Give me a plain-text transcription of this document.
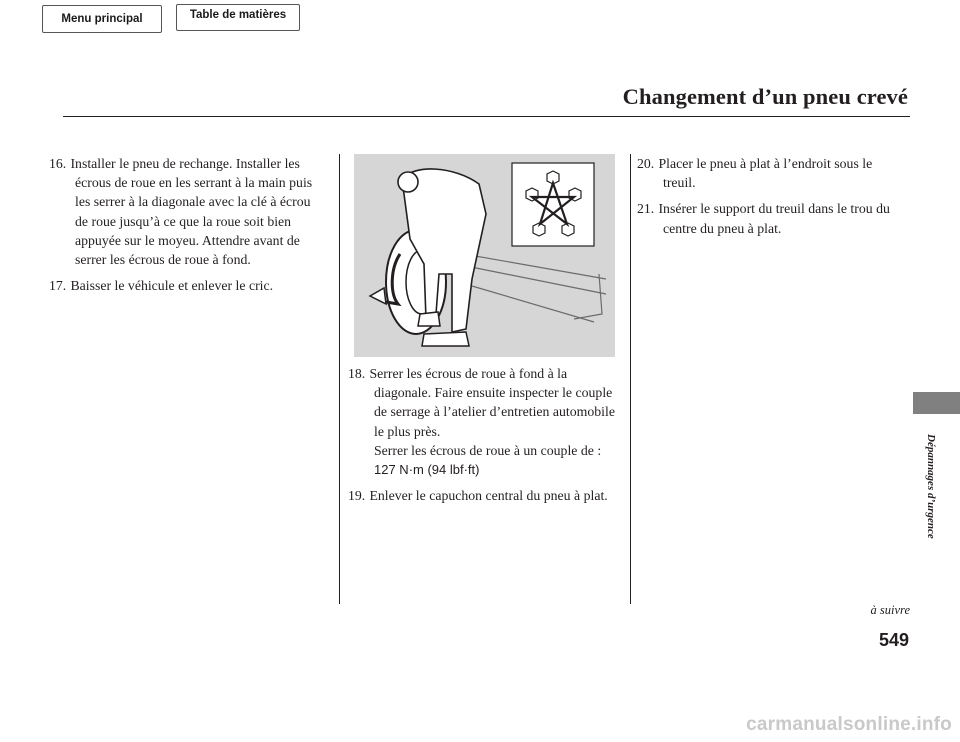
Menu principal	Table de matières
Changement d’un pneu crevé
16. Installer le pneu de rechange. Installer les
écrous de roue en les serrant à la main puis
les serrer à la diagonale avec la clé à écrou
de roue jusqu’à ce que la roue soit bien
appuyée sur le moyeu. Attendre avant de
serrer les écrous de roue à fond.
17. Baisser le véhicule et enlever le cric.
18. Serrer les écrous de roue à fond à la
diagonale. Faire ensuite inspecter le couple
de serrage à l’atelier d’entretien automobile
le plus près.
Serrer les écrous de roue à un couple de :
127 N·m (94 lbf·ft)
19. Enlever le capuchon central du pneu à plat.
20. Placer le pneu à plat à l’endroit sous le
treuil.
21. Insérer le support du treuil dans le trou du
centre du pneu à plat.
Dépannages d’urgence
à suivre
549
carmanualsonline.info
